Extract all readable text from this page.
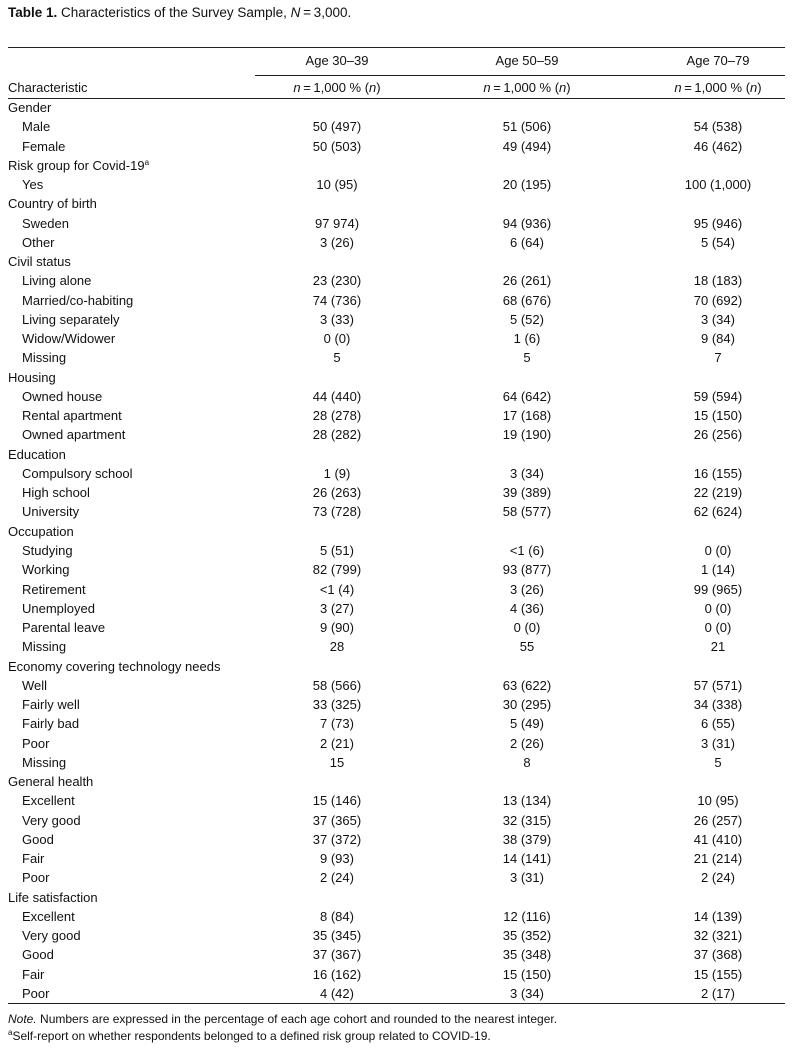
Table 1. Characteristics of the Survey Sample, N = 3,000.
Age 30–39	Age 50–59	Age 70–79
Characteristic	n = 1,000 % (n)	n = 1,000 % (n)	n = 1,000 % (n)
Gender
Male	50 (497)	51 (506)	54 (538)
Female	50 (503)	49 (494)	46 (462)
Risk group for Covid-19$^a$
Yes	10 (95)	20 (195)	100 (1,000)
Country of birth
Sweden	97 974)	94 (936)	95 (946)
Other	3 (26)	6 (64)	5 (54)
Civil status
Living alone	23 (230)	26 (261)	18 (183)
Married/co-habiting	74 (736)	68 (676)	70 (692)
Living separately	3 (33)	5 (52)	3 (34)
Widow/Widower	0 (0)	1 (6)	9 (84)
Missing	5	5	7
Housing
Owned house	44 (440)	64 (642)	59 (594)
Rental apartment	28 (278)	17 (168)	15 (150)
Owned apartment	28 (282)	19 (190)	26 (256)
Education
Compulsory school	1 (9)	3 (34)	16 (155)
High school	26 (263)	39 (389)	22 (219)
University	73 (728)	58 (577)	62 (624)
Occupation
Studying	5 (51)	<1 (6)	0 (0)
Working	82 (799)	93 (877)	1 (14)
Retirement	<1 (4)	3 (26)	99 (965)
Unemployed	3 (27)	4 (36)	0 (0)
Parental leave	9 (90)	0 (0)	0 (0)
Missing	28	55	21
Economy covering technology needs
Well	58 (566)	63 (622)	57 (571)
Fairly well	33 (325)	30 (295)	34 (338)
Fairly bad	7 (73)	5 (49)	6 (55)
Poor	2 (21)	2 (26)	3 (31)
Missing	15	8	5
General health
Excellent	15 (146)	13 (134)	10 (95)
Very good	37 (365)	32 (315)	26 (257)
Good	37 (372)	38 (379)	41 (410)
Fair	9 (93)	14 (141)	21 (214)
Poor	2 (24)	3 (31)	2 (24)
Life satisfaction
Excellent	8 (84)	12 (116)	14 (139)
Very good	35 (345)	35 (352)	32 (321)
Good	37 (367)	35 (348)	37 (368)
Fair	16 (162)	15 (150)	15 (155)
Poor	4 (42)	3 (34)	2 (17)
Note. Numbers are expressed in the percentage of each age cohort and rounded to the nearest integer.
$^a$Self-report on whether respondents belonged to a defined risk group related to COVID-19.
